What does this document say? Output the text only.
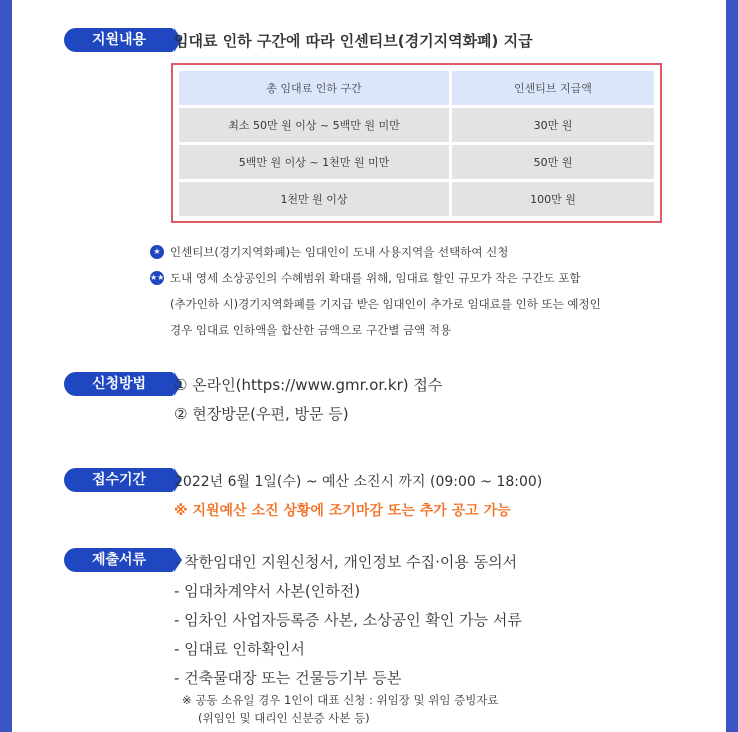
지원내용	임대료 인하 구간에 따라 인센티브(경기지역화폐) 지급
총 임대료 인하 구간	인센티브 지급액
최소 50만 원 이상 ~ 5백만 원 미만	30만 원
5백만 원 이상 ~ 1천만 원 미만	50만 원
1천만 원 이상	100만 원
★ 인센티브(경기지역화폐)는 임대인이 도내 사용지역을 선택하여 신청
★★ 도내 영세 소상공인의 수혜범위 확대를 위해, 임대료 할인 규모가 작은 구간도 포함
(추가인하 시)경기지역화폐를 기지급 받은 임대인이 추가로 임대료를 인하 또는 예정인
경우 임대료 인하액을 합산한 금액으로 구간별 금액 적용
신청방법	① 온라인(https://www.gmr.or.kr) 접수
② 현장방문(우편, 방문 등)
접수기간	2022년 6월 1일(수) ~ 예산 소진시 까지 (09:00 ~ 18:00)
※ 지원예산 소진 상황에 조기마감 또는 추가 공고 가능
제출서류	- 착한임대인 지원신청서, 개인정보 수집·이용 동의서
- 임대차계약서 사본(인하전)
- 임차인 사업자등록증 사본, 소상공인 확인 가능 서류
- 임대료 인하확인서
- 건축물대장 또는 건물등기부 등본
※ 공동 소유일 경우 1인이 대표 신청 : 위임장 및 위임 증빙자료
(위임인 및 대리인 신분증 사본 등)
